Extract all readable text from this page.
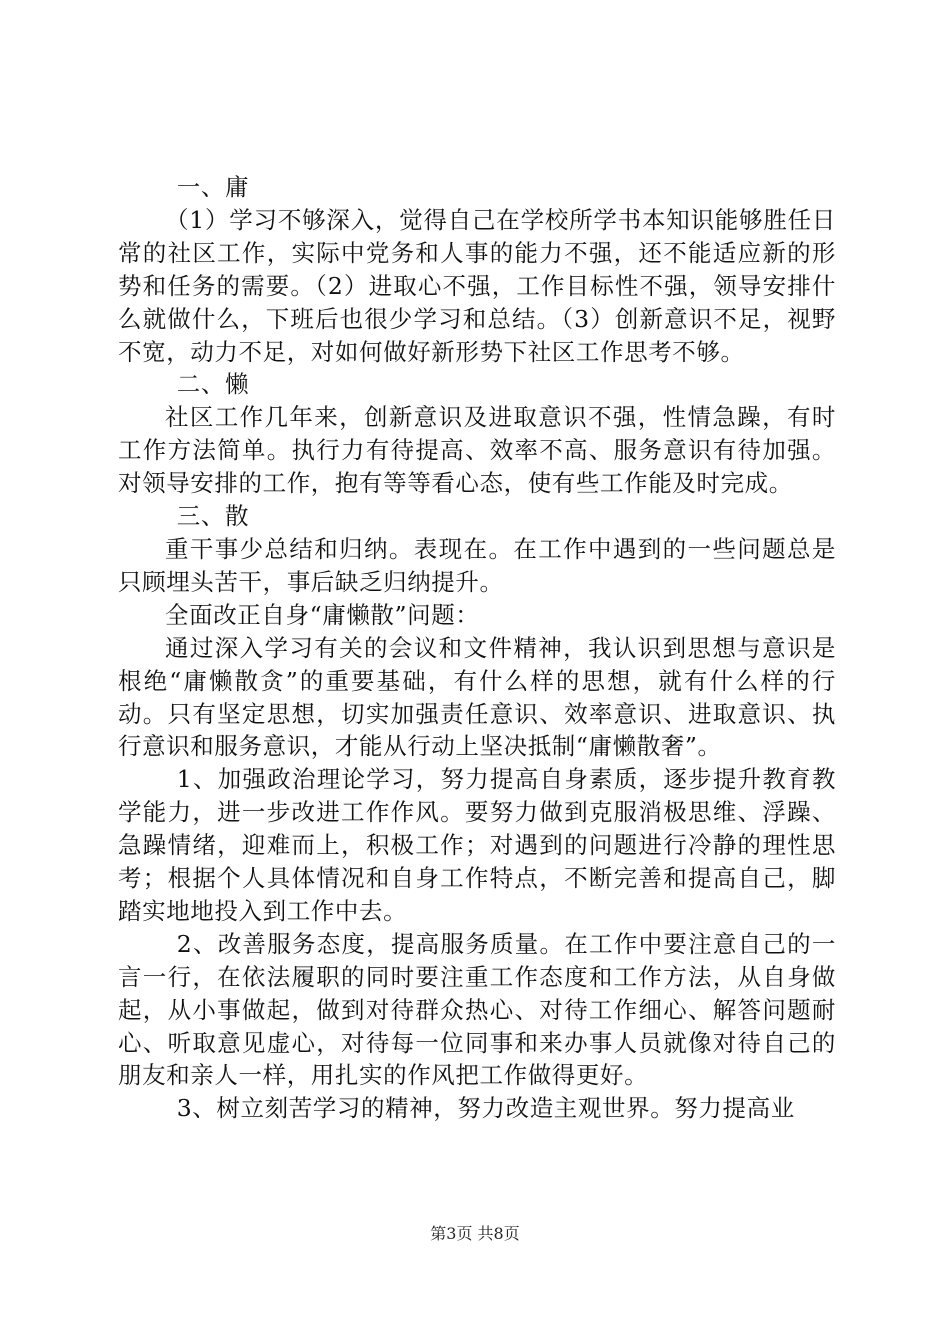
一、庸

（1）学习不够深入，觉得自己在学校所学书本知识能够胜任日常的社区工作，实际中党务和人事的能力不强，还不能适应新的形势和任务的需要。（2）进取心不强，工作目标性不强，领导安排什么就做什么，下班后也很少学习和总结。（3）创新意识不足，视野不宽，动力不足，对如何做好新形势下社区工作思考不够。

二、懒

社区工作几年来，创新意识及进取意识不强，性情急躁，有时工作方法简单。执行力有待提高、效率不高、服务意识有待加强。对领导安排的工作，抱有等等看心态，使有些工作能及时完成。

三、散

重干事少总结和归纳。表现在。在工作中遇到的一些问题总是只顾埋头苦干，事后缺乏归纳提升。

全面改正自身“庸懒散”问题：

通过深入学习有关的会议和文件精神，我认识到思想与意识是根绝“庸懒散贪”的重要基础，有什么样的思想，就有什么样的行动。只有坚定思想，切实加强责任意识、效率意识、进取意识、执行意识和服务意识，才能从行动上坚决抵制“庸懒散奢”。

1、加强政治理论学习，努力提高自身素质，逐步提升教育教学能力，进一步改进工作作风。要努力做到克服消极思维、浮躁、急躁情绪，迎难而上，积极工作；对遇到的问题进行冷静的理性思考；根据个人具体情况和自身工作特点，不断完善和提高自己，脚踏实地地投入到工作中去。

2、改善服务态度，提高服务质量。在工作中要注意自己的一言一行，在依法履职的同时要注重工作态度和工作方法，从自身做起，从小事做起，做到对待群众热心、对待工作细心、解答问题耐心、听取意见虚心，对待每一位同事和来办事人员就像对待自己的朋友和亲人一样，用扎实的作风把工作做得更好。

3、树立刻苦学习的精神，努力改造主观世界。努力提高业

第3页 共8页
